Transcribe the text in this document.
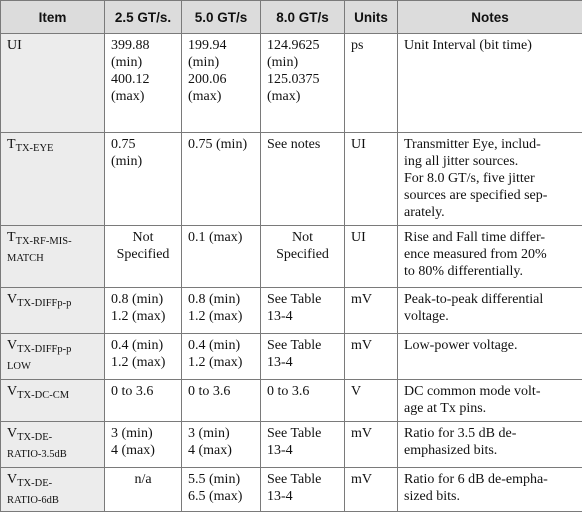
Item	2.5 GT/s.	5.0 GT/s	8.0 GT/s	Units	Notes

UI	399.88
(min)
400.12
(max)	199.94
(min)
200.06
(max)	124.9625
(min)
125.0375
(max)	ps	Unit Interval (bit time)

$T_{TX-EYE}$	0.75
(min)	0.75 (min)	See notes	UI	Transmitter Eye, includ-
ing all jitter sources.
For 8.0 GT/s, five jitter
sources are specified sep-
arately.

$T_{TX-RF-MIS-}$
MATCH	Not
Specified	0.1 (max)	Not
Specified	UI	Rise and Fall time differ-
ence measured from 20%
to 80% differentially.

$V_{TX-DIFFp-p}$	0.8 (min)
1.2 (max)	0.8 (min)
1.2 (max)	See Table
13-4	mV	Peak-to-peak differential
voltage.

$V_{TX-DIFFp-p}$
LOW	0.4 (min)
1.2 (max)	0.4 (min)
1.2 (max)	See Table
13-4	mV	Low-power voltage.

$V_{TX-DC-CM}$	0 to 3.6	0 to 3.6	0 to 3.6	V	DC common mode volt-
age at Tx pins.

$V_{TX-DE-}$
RATIO-3.5dB	3 (min)
4 (max)	3 (min)
4 (max)	See Table
13-4	mV	Ratio for 3.5 dB de-
emphasized bits.

$V_{TX-DE-}$
RATIO-6dB	n/a	5.5 (min)
6.5 (max)	See Table
13-4	mV	Ratio for 6 dB de-empha-
sized bits.
